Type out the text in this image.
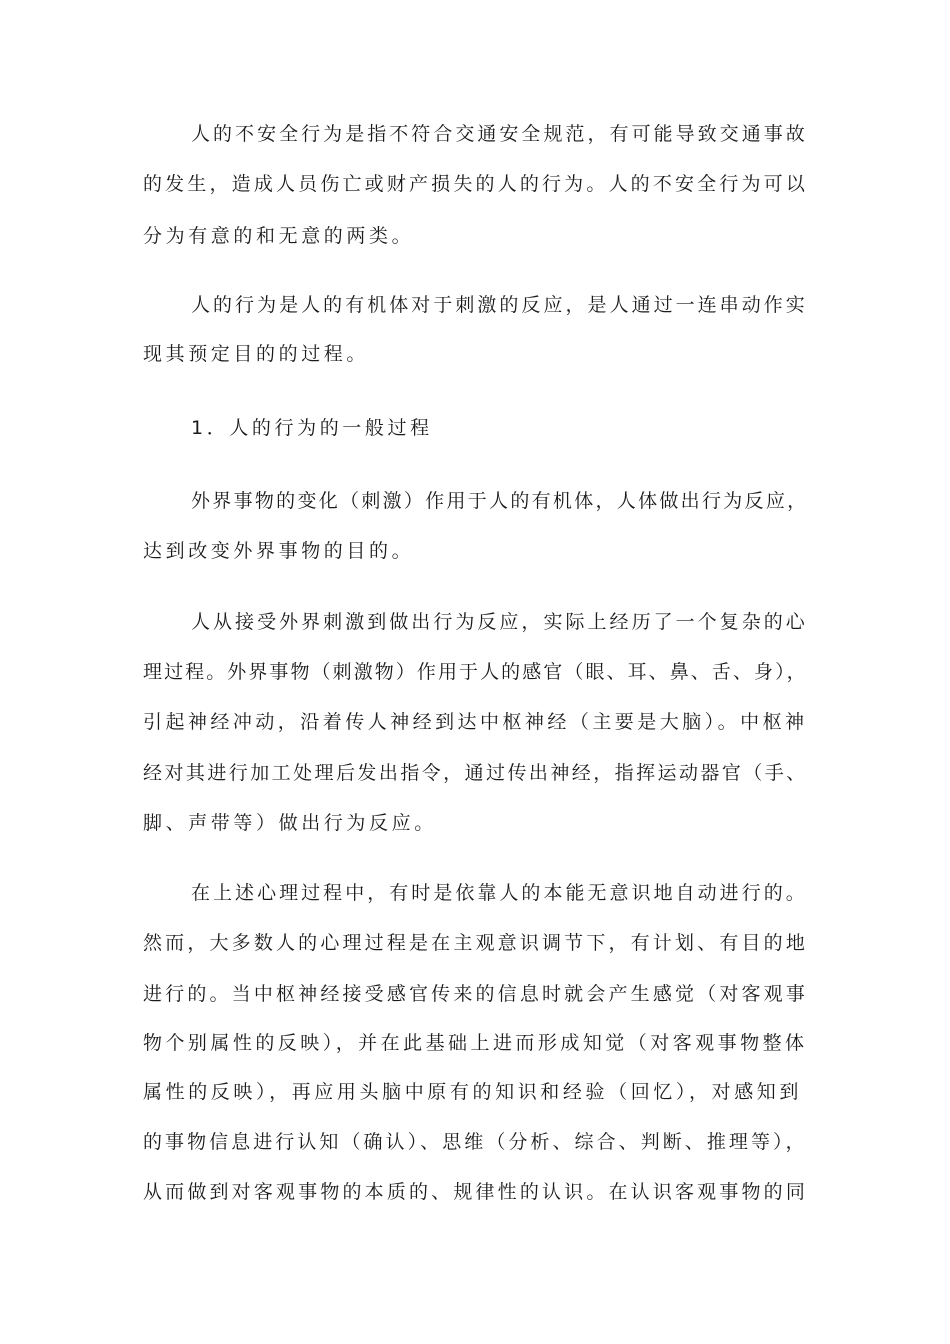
人的不安全行为是指不符合交通安全规范，有可能导致交通事故
的发生，造成人员伤亡或财产损失的人的行为。人的不安全行为可以
分为有意的和无意的两类。
人的行为是人的有机体对于刺激的反应，是人通过一连串动作实
现其预定目的的过程。
1．人的行为的一般过程
外界事物的变化（刺激）作用于人的有机体，人体做出行为反应，
达到改变外界事物的目的。
人从接受外界刺激到做出行为反应，实际上经历了一个复杂的心
理过程。外界事物（刺激物）作用于人的感官（眼、耳、鼻、舌、身），
引起神经冲动，沿着传人神经到达中枢神经（主要是大脑）。中枢神
经对其进行加工处理后发出指令，通过传出神经，指挥运动器官（手、
脚、声带等）做出行为反应。
在上述心理过程中，有时是依靠人的本能无意识地自动进行的。
然而，大多数人的心理过程是在主观意识调节下，有计划、有目的地
进行的。当中枢神经接受感官传来的信息时就会产生感觉（对客观事
物个别属性的反映），并在此基础上进而形成知觉（对客观事物整体
属性的反映），再应用头脑中原有的知识和经验（回忆），对感知到
的事物信息进行认知（确认）、思维（分析、综合、判断、推理等），
从而做到对客观事物的本质的、规律性的认识。在认识客观事物的同
